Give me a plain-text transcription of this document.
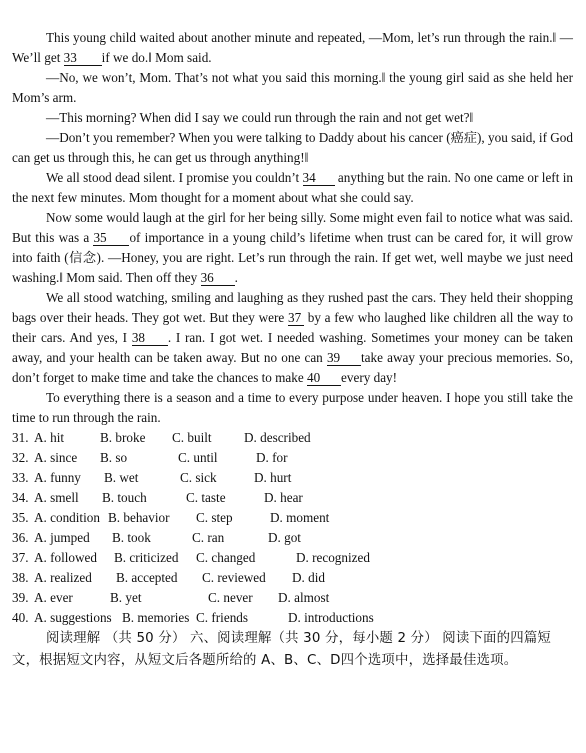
This young child waited about another minute and repeated, —Mom, let’s run through the rain.‖ —We’ll get 33 if we do.‖ Mom said.

—No, we won’t, Mom. That’s not what you said this morning.‖ the young girl said as she held her Mom’s arm.

—This morning? When did I say we could run through the rain and not get wet?‖

—Don’t you remember? When you were talking to Daddy about his cancer (癌症), you said, if God can get us through this, he can get us through anything!‖

We all stood dead silent. I promise you couldn’t 34 anything but the rain. No one came or left in the next few minutes. Mom thought for a moment about what she could say.

Now some would laugh at the girl for her being silly. Some might even fail to notice what was said. But this was a 35 of importance in a young child’s lifetime when trust can be cared for, it will grow into faith (信念). —Honey, you are right. Let’s run through the rain. If get wet, well maybe we just need washing.‖ Mom said. Then off they 36 .

We all stood watching, smiling and laughing as they rushed past the cars. They held their shopping bags over their heads. They got wet. But they were 37 by a few who laughed like children all the way to their cars. And yes, I 38 . I ran. I got wet. I needed washing. Sometimes your money can be taken away, and your health can be taken away. But no one can 39 take away your precious memories. So, don’t forget to make time and take the chances to make 40 every day!

To everything there is a season and a time to every purpose under heaven. I hope you still take the time to run through the rain.

31. A. hit	B. broke C. built D. described
32. A. since B. so	C. until	D. for
33. A. funny B. wet	C. sick	D. hurt
34. A. smell B. touch	C. taste	D. hear
35. A. condition B. behavior C. step	D. moment
36. A. jumped B. took	C. ran	D. got
37. A. followed B. criticized C. changed	D. recognized
38. A. realized B. accepted C. reviewed D. did
39. A. ever	B. yet	C. never D. almost
40. A. suggestions B. memories C. friends	D. introductions

阅读理解 （共 50 分） 六、阅读理解（共 30 分，每小题 2 分） 阅读下面的四篇短文，根据短文内容，从短文后各题所给的 A、B、C、D四个选项中，选择最佳选项。
